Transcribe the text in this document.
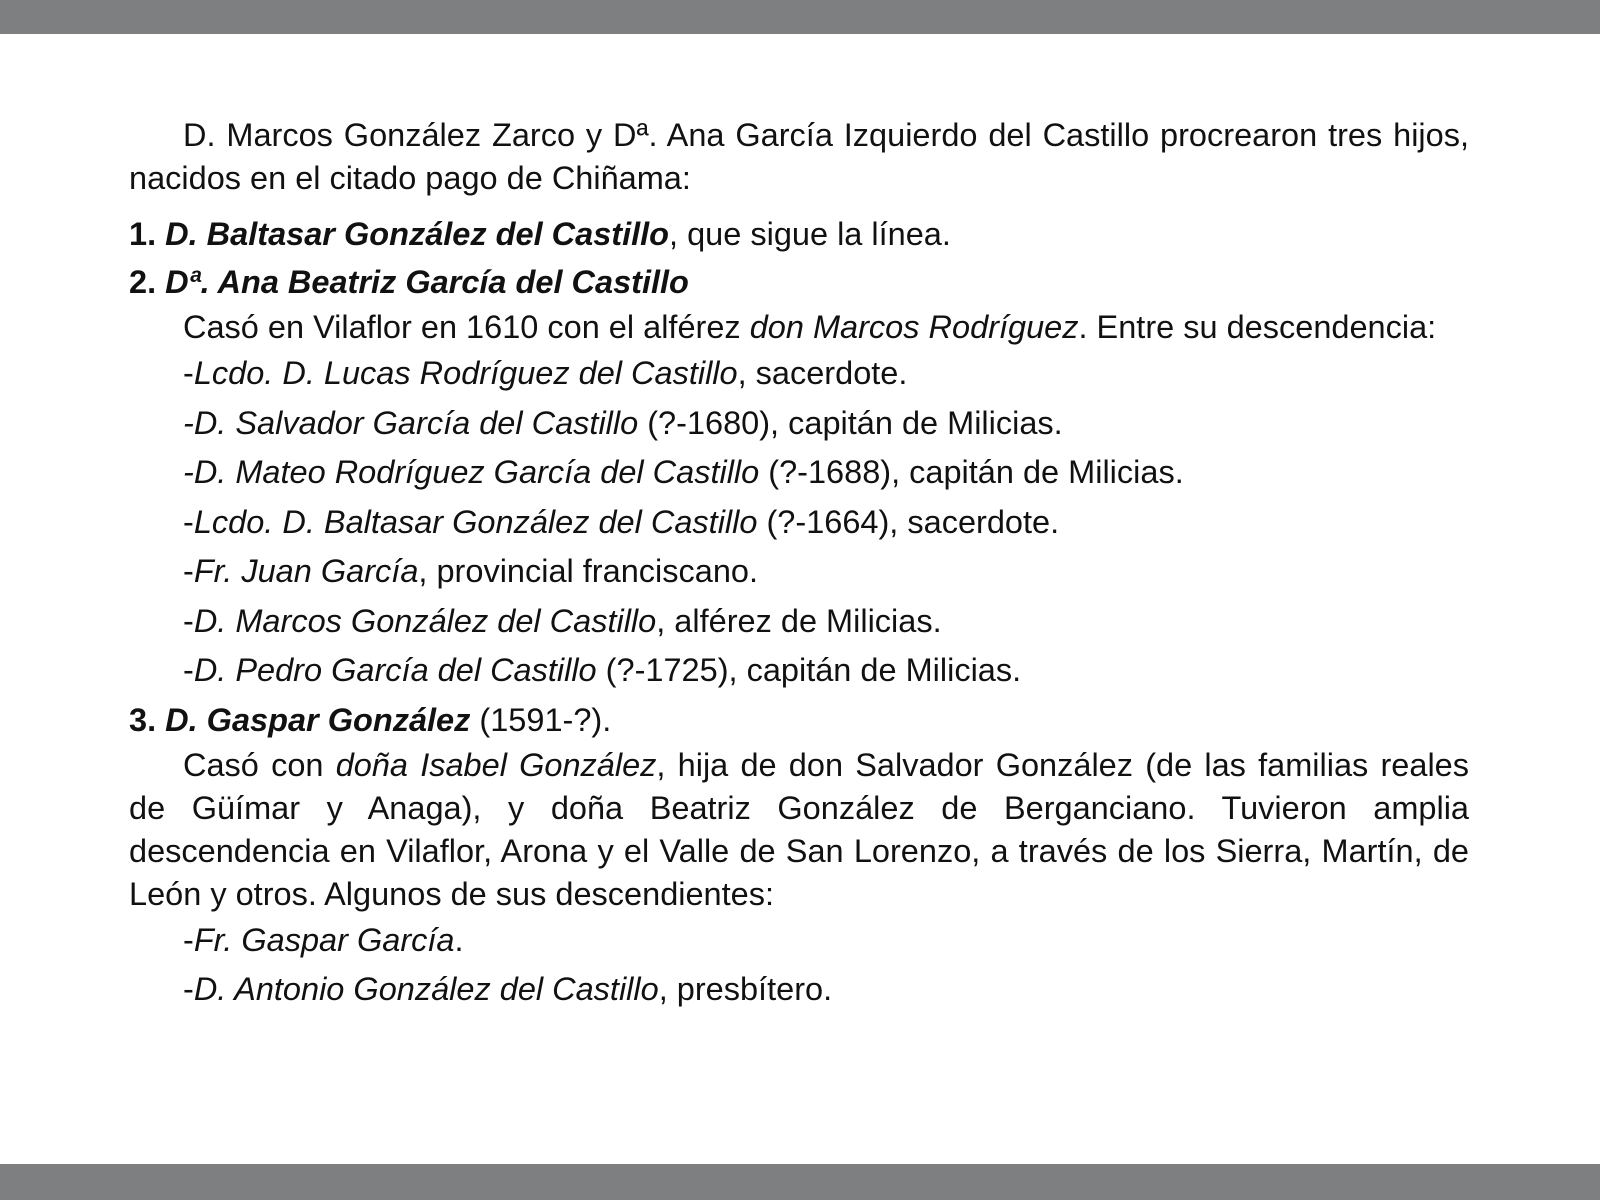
D. Marcos González Zarco y Dª. Ana García Izquierdo del Castillo procrearon tres hijos, nacidos en el citado pago de Chiñama:

1. D. Baltasar González del Castillo, que sigue la línea.

2. Dª. Ana Beatriz García del Castillo

Casó en Vilaflor en 1610 con el alférez don Marcos Rodríguez. Entre su descendencia:

-Lcdo. D. Lucas Rodríguez del Castillo, sacerdote.

-D. Salvador García del Castillo (?-1680), capitán de Milicias.

-D. Mateo Rodríguez García del Castillo (?-1688), capitán de Milicias.

-Lcdo. D. Baltasar González del Castillo (?-1664), sacerdote.

-Fr. Juan García, provincial franciscano.

-D. Marcos González del Castillo, alférez de Milicias.

-D. Pedro García del Castillo (?-1725), capitán de Milicias.

3. D. Gaspar González (1591-?).

Casó con doña Isabel González, hija de don Salvador González (de las familias reales de Güímar y Anaga), y doña Beatriz González de Berganciano. Tuvieron amplia descendencia en Vilaflor, Arona y el Valle de San Lorenzo, a través de los Sierra, Martín, de León y otros. Algunos de sus descendientes:

-Fr. Gaspar García.

-D. Antonio González del Castillo, presbítero.
